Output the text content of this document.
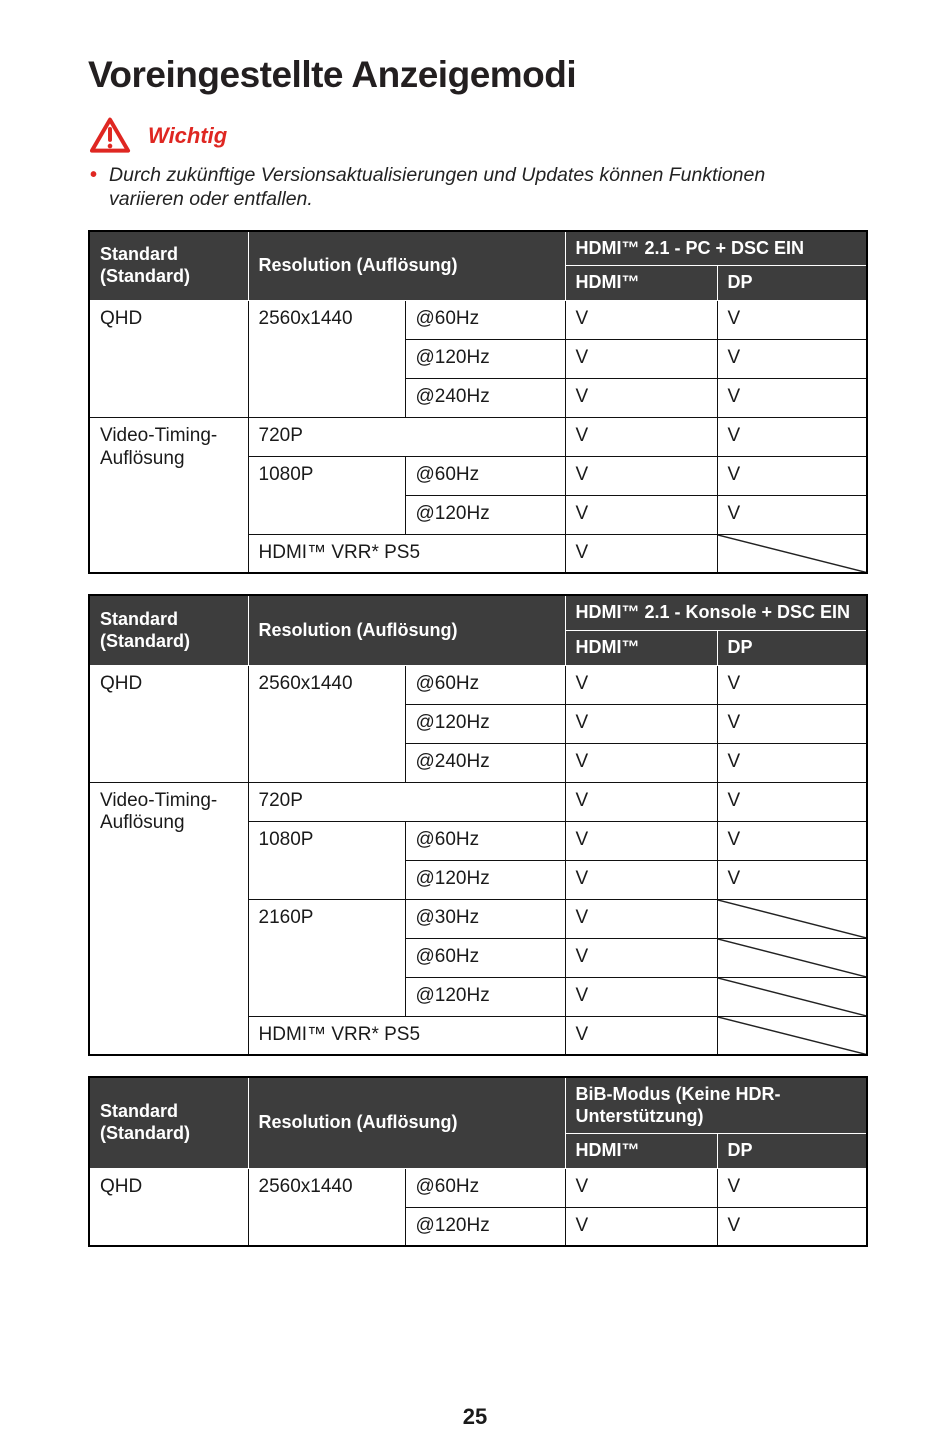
Voreingestellte Anzeigemodi
Wichtig
• Durch zukünftige Versionsaktualisierungen und Updates können Funktionen variieren oder entfallen.
Standard (Standard)	Resolution (Auflösung)		HDMI™ 2.1 - PC + DSC EIN	
			HDMI™	DP
QHD	2560x1440	@60Hz	V	V
		@120Hz	V	V
		@240Hz	V	V
Video-Timing-Auflösung	720P		V	V
	1080P	@60Hz	V	V
		@120Hz	V	V
	HDMI™ VRR* PS5		V	
Standard (Standard)	Resolution (Auflösung)		HDMI™ 2.1 - Konsole + DSC EIN	
			HDMI™	DP
QHD	2560x1440	@60Hz	V	V
		@120Hz	V	V
		@240Hz	V	V
Video-Timing-Auflösung	720P		V	V
	1080P	@60Hz	V	V
		@120Hz	V	V
	2160P	@30Hz	V	

		@60Hz	V	

		@120Hz	V	

	HDMI™ VRR* PS5		V	
Standard (Standard)	Resolution (Auflösung)		BiB-Modus (Keine HDR-Unterstützung)	
			HDMI™	DP
QHD	2560x1440	@60Hz	V	V
		@120Hz	V	V
25
